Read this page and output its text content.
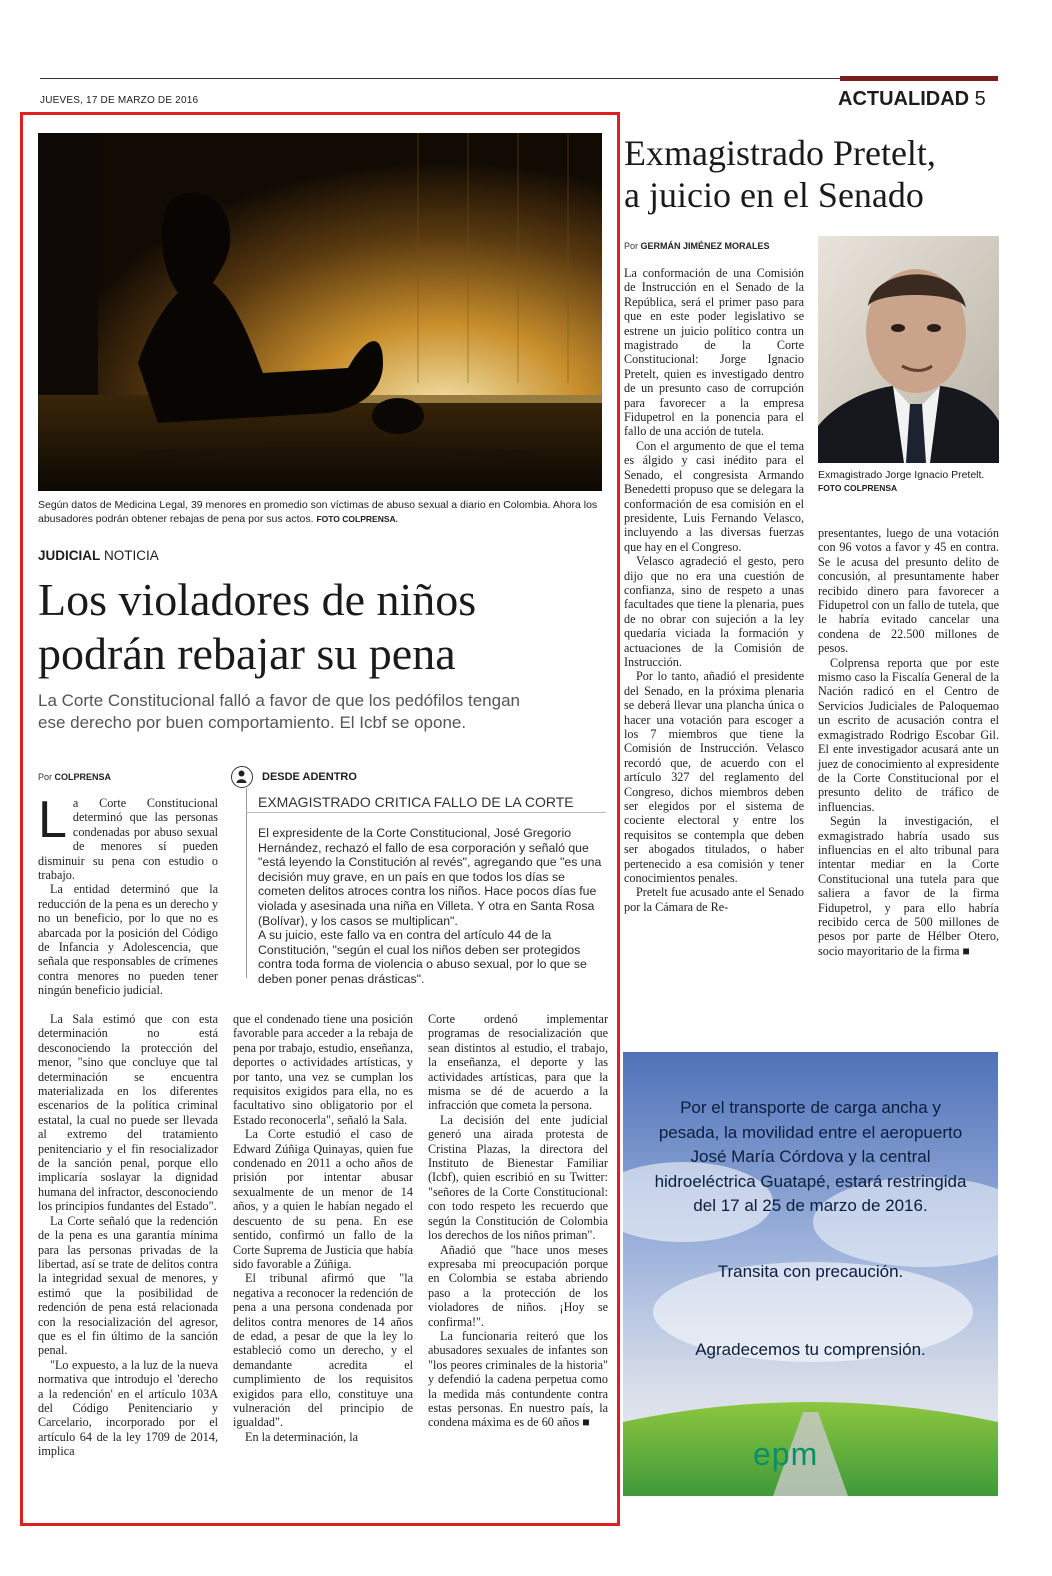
JUEVES, 17 DE MARZO DE 2016	ACTUALIDAD 5
Según datos de Medicina Legal, 39 menores en promedio son víctimas de abuso sexual a diario en Colombia. Ahora los abusadores podrán obtener rebajas de pena por sus actos. FOTO COLPRENSA.
JUDICIAL NOTICIA
Los violadores de niños
podrán rebajar su pena
La Corte Constitucional falló a favor de que los pedófilos tengan
ese derecho por buen comportamiento. El Icbf se opone.
Por COLPRENSA
L a Corte Constitucional determinó que las personas condenadas por abuso sexual de menores sí pueden disminuir su pena con estudio o trabajo.

La entidad determinó que la reducción de la pena es un derecho y no un beneficio, por lo que no es abarcada por la posición del Código de Infancia y Adolescencia, que señala que responsables de crímenes contra menores no pueden tener ningún beneficio judicial.

La Sala estimó que con esta determinación no está desconociendo la protección del menor, "sino que concluye que tal determinación se encuentra materializada en los diferentes escenarios de la política criminal estatal, la cual no puede ser llevada al extremo del tratamiento penitenciario y el fin resocializador de la sanción penal, porque ello implicaría soslayar la dignidad humana del infractor, desconociendo los principios fundantes del Estado".

La Corte señaló que la redención de la pena es una garantía mínima para las personas privadas de la libertad, así se trate de delitos contra la integridad sexual de menores, y estimó que la posibilidad de redención de pena está relacionada con la resocialización del agresor, que es el fin último de la sanción penal.

"Lo expuesto, a la luz de la nueva normativa que introdujo el 'derecho a la redención' en el artículo 103A del Código Penitenciario y Carcelario, incorporado por el artículo 64 de la ley 1709 de 2014, implica

DESDE ADENTRO
EXMAGISTRADO CRITICA FALLO DE LA CORTE
El expresidente de la Corte Constitucional, José Gregorio Hernández, rechazó el fallo de esa corporación y señaló que "está leyendo la Constitución al revés", agregando que "es una decisión muy grave, en un país en que todos los días se cometen delitos atroces contra los niños. Hace pocos días fue violada y asesinada una niña en Villeta. Y otra en Santa Rosa (Bolívar), y los casos se multiplican".
A su juicio, este fallo va en contra del artículo 44 de la Constitución, "según el cual los niños deben ser protegidos contra toda forma de violencia o abuso sexual, por lo que se deben poner penas drásticas".

que el condenado tiene una posición favorable para acceder a la rebaja de pena por trabajo, estudio, enseñanza, deportes o actividades artísticas, y por tanto, una vez se cumplan los requisitos exigidos para ella, no es facultativo sino obligatorio por el Estado reconocerla", señaló la Sala.

La Corte estudió el caso de Edward Zúñiga Quinayas, quien fue condenado en 2011 a ocho años de prisión por intentar abusar sexualmente de un menor de 14 años, y a quien le habían negado el descuento de su pena. En ese sentido, confirmó un fallo de la Corte Suprema de Justicia que había sido favorable a Zúñiga.

El tribunal afirmó que "la negativa a reconocer la redención de pena a una persona condenada por delitos contra menores de 14 años de edad, a pesar de que la ley lo estableció como un derecho, y el demandante acredita el cumplimiento de los requisitos exigidos para ello, constituye una vulneración del principio de igualdad".

En la determinación, la

Corte ordenó implementar programas de resocialización que sean distintos al estudio, el trabajo, la enseñanza, el deporte y las actividades artísticas, para que la misma se dé de acuerdo a la infracción que cometa la persona.

La decisión del ente judicial generó una airada protesta de Cristina Plazas, la directora del Instituto de Bienestar Familiar (Icbf), quien escribió en su Twitter: "señores de la Corte Constitucional: con todo respeto les recuerdo que según la Constitución de Colombia los derechos de los niños priman".

Añadió que "hace unos meses expresaba mi preocupación porque en Colombia se estaba abriendo paso a la protección de los violadores de niños. ¡Hoy se confirma!".

La funcionaria reiteró que los abusadores sexuales de infantes son "los peores criminales de la historia" y defendió la cadena perpetua como la medida más contundente contra estas personas. En nuestro país, la condena máxima es de 60 años ■

Exmagistrado Pretelt,
a juicio en el Senado
Por GERMÁN JIMÉNEZ MORALES
Exmagistrado Jorge Ignacio Pretelt. FOTO COLPRENSA

La conformación de una Comisión de Instrucción en el Senado de la República, será el primer paso para que en este poder legislativo se estrene un juicio político contra un magistrado de la Corte Constitucional: Jorge Ignacio Pretelt, quien es investigado dentro de un presunto caso de corrupción para favorecer a la empresa Fidupetrol en la ponencia para el fallo de una acción de tutela.

Con el argumento de que el tema es álgido y casi inédito para el Senado, el congresista Armando Benedetti propuso que se delegara la conformación de esa comisión en el presidente, Luis Fernando Velasco, incluyendo a las diversas fuerzas que hay en el Congreso.

Velasco agradeció el gesto, pero dijo que no era una cuestión de confianza, sino de respeto a unas facultades que tiene la plenaria, pues de no obrar con sujeción a la ley quedaría viciada la formación y actuaciones de la Comisión de Instrucción.

Por lo tanto, añadió el presidente del Senado, en la próxima plenaria se deberá llevar una plancha única o hacer una votación para escoger a los 7 miembros que tiene la Comisión de Instrucción. Velasco recordó que, de acuerdo con el artículo 327 del reglamento del Congreso, dichos miembros deben ser elegidos por el sistema de cociente electoral y entre los requisitos se contempla que deben ser abogados titulados, o haber pertenecido a esa comisión y tener conocimientos penales.

Pretelt fue acusado ante el Senado por la Cámara de Re-

presentantes, luego de una votación con 96 votos a favor y 45 en contra. Se le acusa del presunto delito de concusión, al presuntamente haber recibido dinero para favorecer a Fidupetrol con un fallo de tutela, que le habría evitado cancelar una condena de 22.500 millones de pesos.

Colprensa reporta que por este mismo caso la Fiscalía General de la Nación radicó en el Centro de Servicios Judiciales de Paloquemao un escrito de acusación contra el exmagistrado Rodrigo Escobar Gil. El ente investigador acusará ante un juez de conocimiento al expresidente de la Corte Constitucional por el presunto delito de tráfico de influencias.

Según la investigación, el exmagistrado habría usado sus influencias en el alto tribunal para intentar mediar en la Corte Constitucional una tutela para que saliera a favor de la firma Fidupetrol, y para ello habría recibido cerca de 500 millones de pesos por parte de Hélber Otero, socio mayoritario de la firma ■

Por el transporte de carga ancha y
pesada, la movilidad entre el aeropuerto
José María Córdova y la central
hidroeléctrica Guatapé, estará restringida
del 17 al 25 de marzo de 2016.
Transita con precaución.
Agradecemos tu comprensión.
epm
